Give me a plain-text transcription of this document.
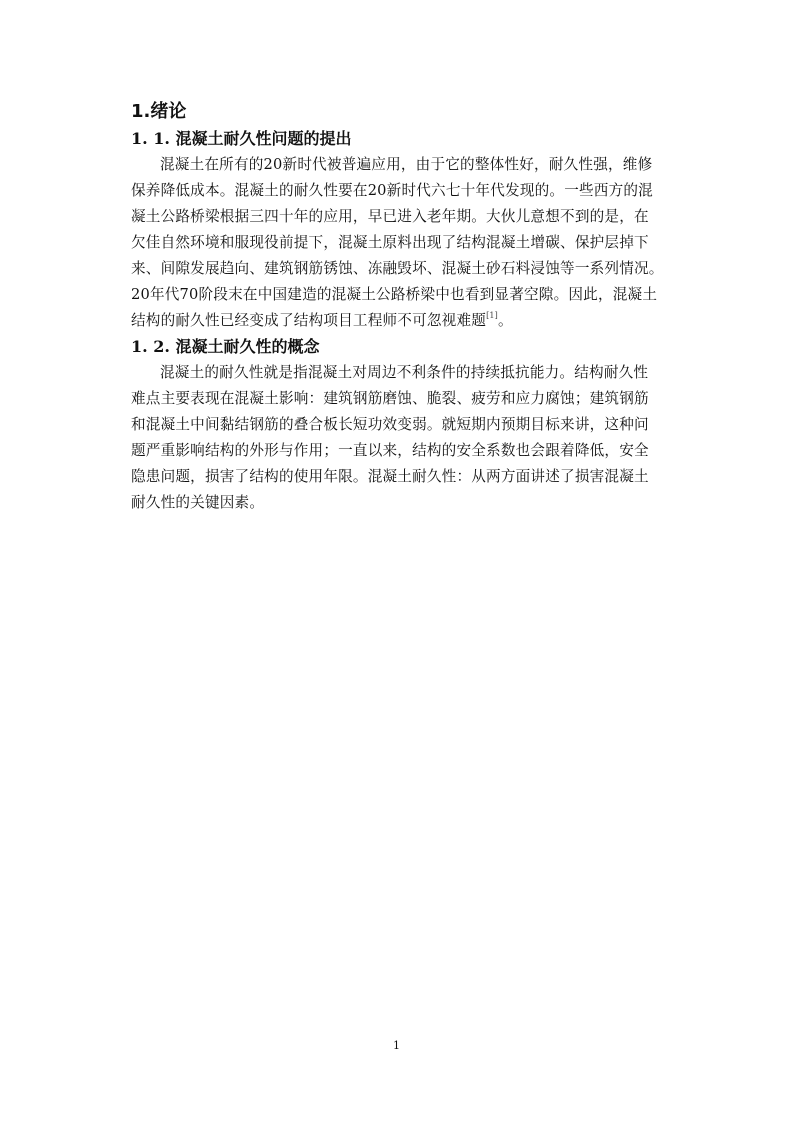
1.绪论
1. 1. 混凝土耐久性问题的提出

混凝土在所有的20新时代被普遍应用，由于它的整体性好，耐久性强，维修
保养降低成本。混凝土的耐久性要在20新时代六七十年代发现的。一些西方的混
凝土公路桥梁根据三四十年的应用，早已进入老年期。大伙儿意想不到的是，在
欠佳自然环境和服现役前提下，混凝土原料出现了结构混凝土增碳、保护层掉下
来、间隙发展趋向、建筑钢筋锈蚀、冻融毁坏、混凝土砂石料浸蚀等一系列情况。
20年代70阶段末在中国建造的混凝土公路桥梁中也看到显著空隙。因此，混凝土
结构的耐久性已经变成了结构项目工程师不可忽视难题[1]。

1. 2. 混凝土耐久性的概念

混凝土的耐久性就是指混凝土对周边不利条件的持续抵抗能力。结构耐久性
难点主要表现在混凝土影响：建筑钢筋磨蚀、脆裂、疲劳和应力腐蚀；建筑钢筋
和混凝土中间黏结钢筋的叠合板长短功效变弱。就短期内预期目标来讲，这种问
题严重影响结构的外形与作用；一直以来，结构的安全系数也会跟着降低，安全
隐患问题，损害了结构的使用年限。混凝土耐久性：从两方面讲述了损害混凝土
耐久性的关键因素。

1
